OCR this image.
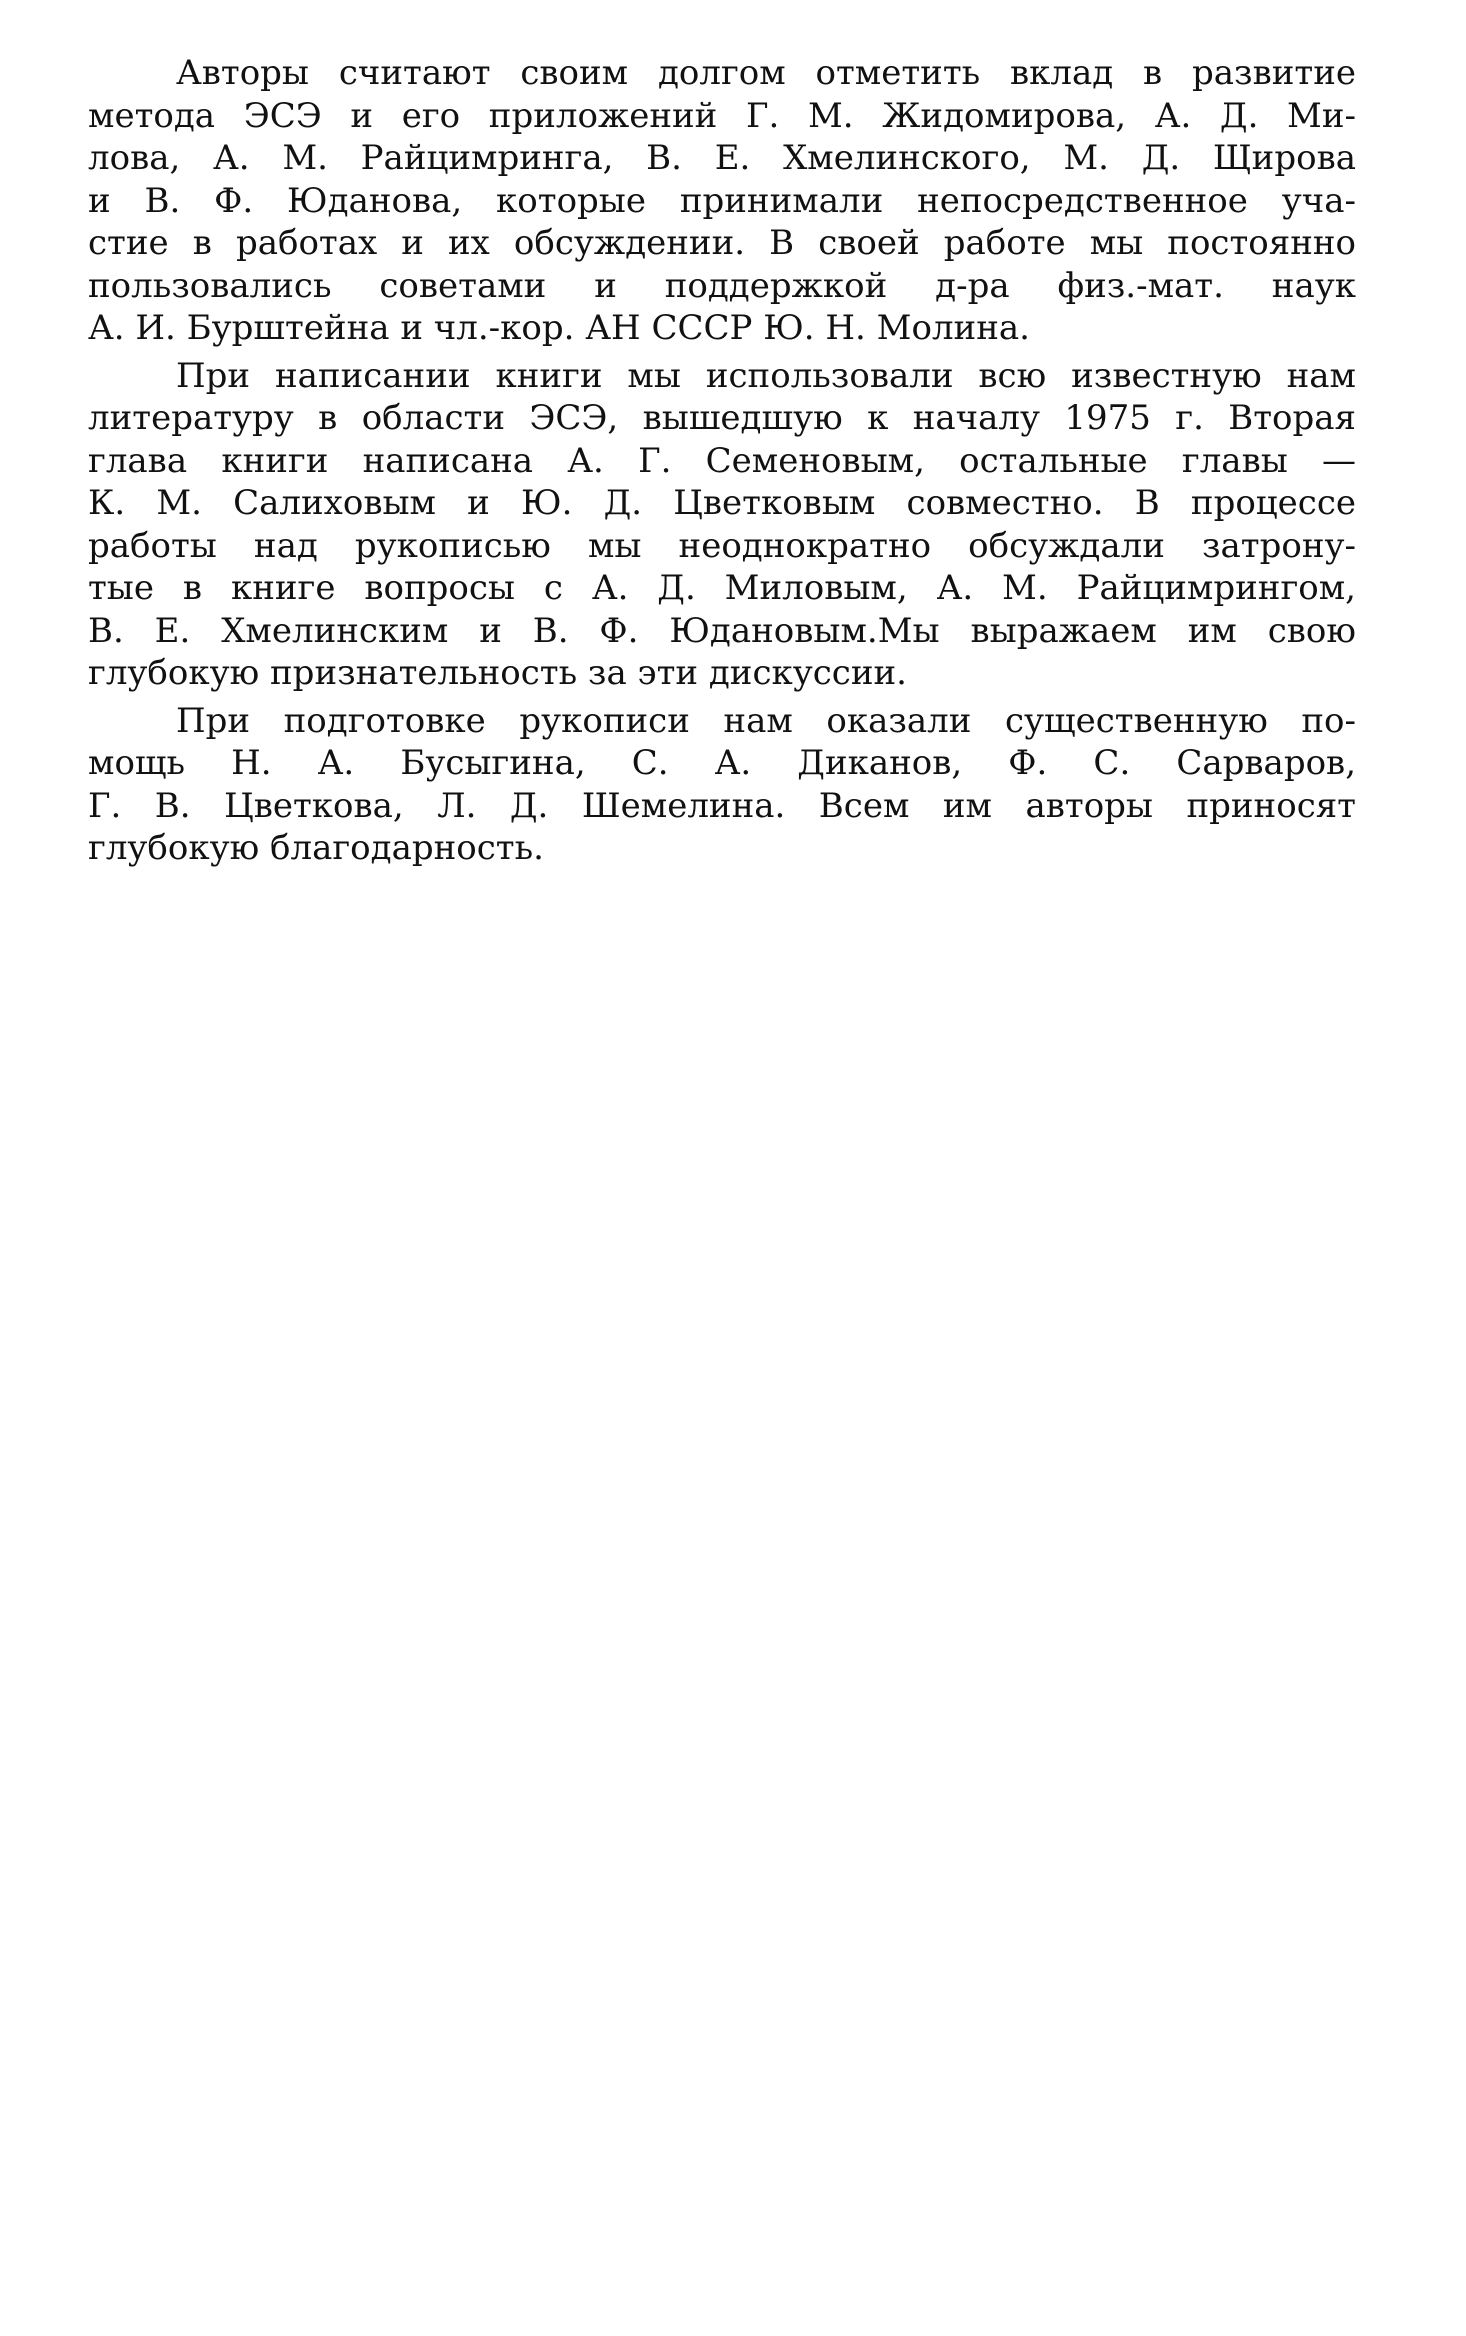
Авторы считают своим долгом отметить вклад в развитие
метода ЭСЭ и его приложений Г. М. Жидомирова, А. Д. Ми-
лова, А. М. Райцимринга, В. Е. Хмелинского, М. Д. Щирова
и В. Ф. Юданова, которые принимали непосредственное уча-
стие в работах и их обсуждении. В своей работе мы постоянно
пользовались советами и поддержкой д-ра физ.-мат. наук
А. И. Бурштейна и чл.-кор. АН СССР Ю. Н. Молина.
При написании книги мы использовали всю известную нам
литературу в области ЭСЭ, вышедшую к началу 1975 г. Вторая
глава книги написана А. Г. Семеновым, остальные главы —
К. М. Салиховым и Ю. Д. Цветковым совместно. В процессе
работы над рукописью мы неоднократно обсуждали затрону-
тые в книге вопросы с А. Д. Миловым, А. М. Райцимрингом,
В. Е. Хмелинским и В. Ф. Юдановым.Мы выражаем им свою
глубокую признательность за эти дискуссии.
При подготовке рукописи нам оказали существенную по-
мощь Н. А. Бусыгина, С. А. Диканов, Ф. С. Сарваров,
Г. В. Цветкова, Л. Д. Шемелина. Всем им авторы приносят
глубокую благодарность.
